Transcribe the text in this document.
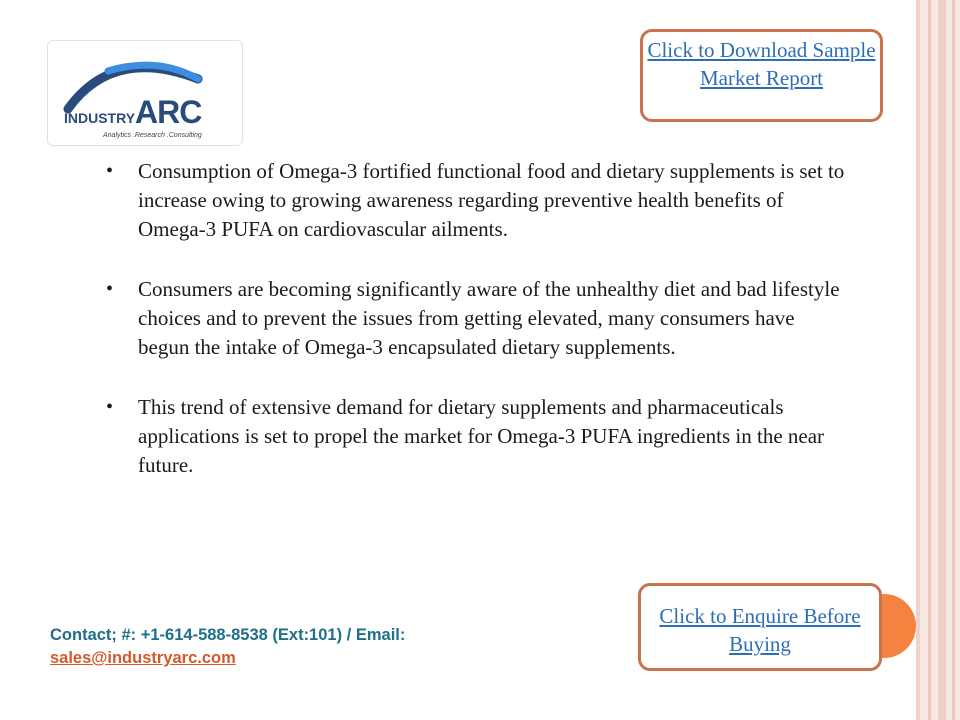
INDUSTRYARC
Analytics .Research .Consulting
Click to Download Sample Market Report
Click to Enquire Before Buying
• Consumption of Omega-3 fortified functional food and dietary supplements is set to increase owing to growing awareness regarding preventive health benefits of Omega-3 PUFA on cardiovascular ailments.
• Consumers are becoming significantly aware of the unhealthy diet and bad lifestyle choices and to prevent the issues from getting elevated, many consumers have begun the intake of Omega-3 encapsulated dietary supplements.
• This trend of extensive demand for dietary supplements and pharmaceuticals applications is set to propel the market for Omega-3 PUFA ingredients in the near future.
Contact; #: +1-614-588-8538 (Ext:101) / Email:
sales@industryarc.com
